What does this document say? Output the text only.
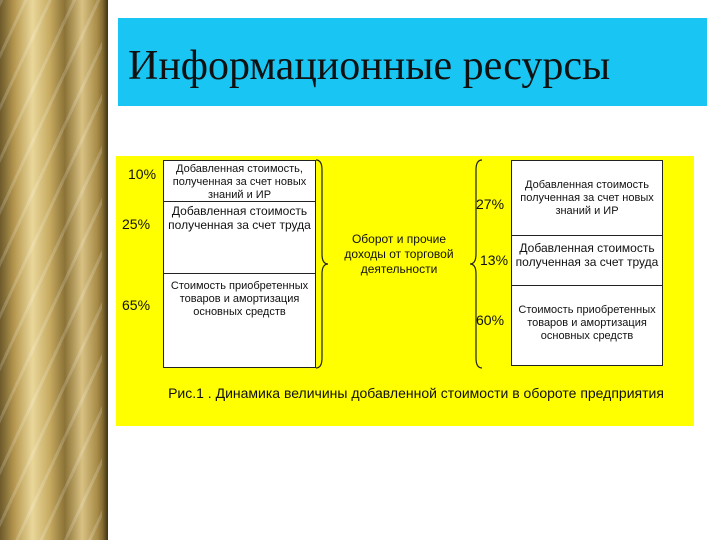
Информационные ресурсы
10%
25%
65%
Добавленная стоимость, полученная за счет новых знаний и ИР
Добавленная стоимость полученная за счет труда
Стоимость приобретенных товаров и амортизация основных средств
Оборот и прочие доходы от торговой деятельности
27%
13%
60%
Добавленная стоимость полученная за счет новых знаний и ИР
Добавленная стоимость полученная за счет труда
Стоимость приобретенных товаров и амортизация основных средств
Рис.1 . Динамика величины добавленной стоимости в обороте предприятия
